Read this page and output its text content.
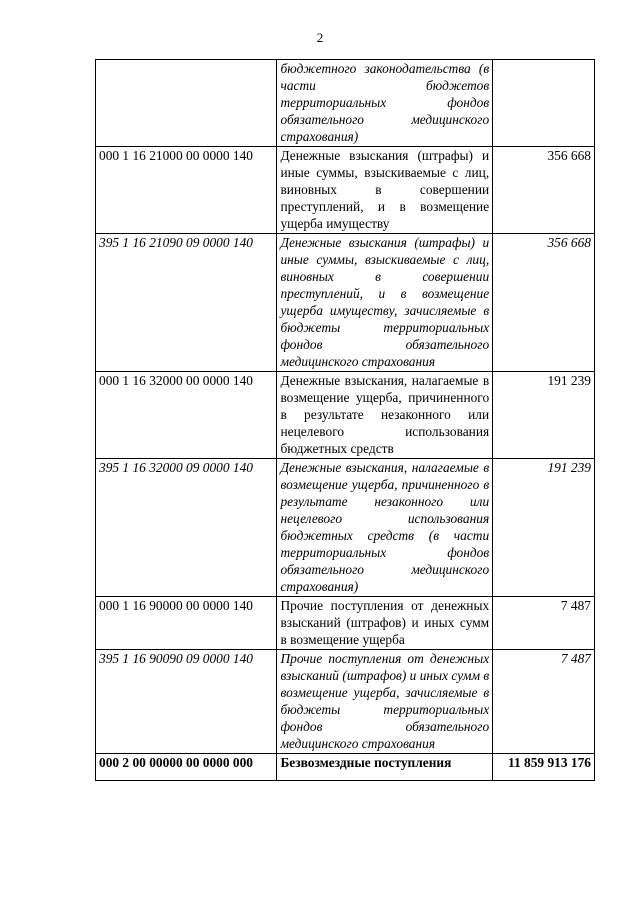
2
	бюджетного законодательства (в части бюджетов территориальных фондов обязательного медицинского страхования)	
000 1 16 21000 00 0000 140	Денежные взыскания (штрафы) и иные суммы, взыскиваемые с лиц, виновных в совершении преступлений, и в возмещение ущерба имуществу	356 668
395 1 16 21090 09 0000 140	Денежные взыскания (штрафы) и иные суммы, взыскиваемые с лиц, виновных в совершении преступлений, и в возмещение ущерба имуществу, зачисляемые в бюджеты территориальных фондов обязательного медицинского страхования	356 668
000 1 16 32000 00 0000 140	Денежные взыскания, налагаемые в возмещение ущерба, причиненного в результате незаконного или нецелевого использования бюджетных средств	191 239
395 1 16 32000 09 0000 140	Денежные взыскания, налагаемые в возмещение ущерба, причиненного в результате незаконного или нецелевого использования бюджетных средств (в части территориальных фондов обязательного медицинского страхования)	191 239
000 1 16 90000 00 0000 140	Прочие поступления от денежных взысканий (штрафов) и иных сумм в возмещение ущерба	7 487
395 1 16 90090 09 0000 140	Прочие поступления от денежных взысканий (штрафов) и иных сумм в возмещение ущерба, зачисляемые в бюджеты территориальных фондов обязательного медицинского страхования	7 487
000 2 00 00000 00 0000 000	Безвозмездные поступления	11 859 913 176
